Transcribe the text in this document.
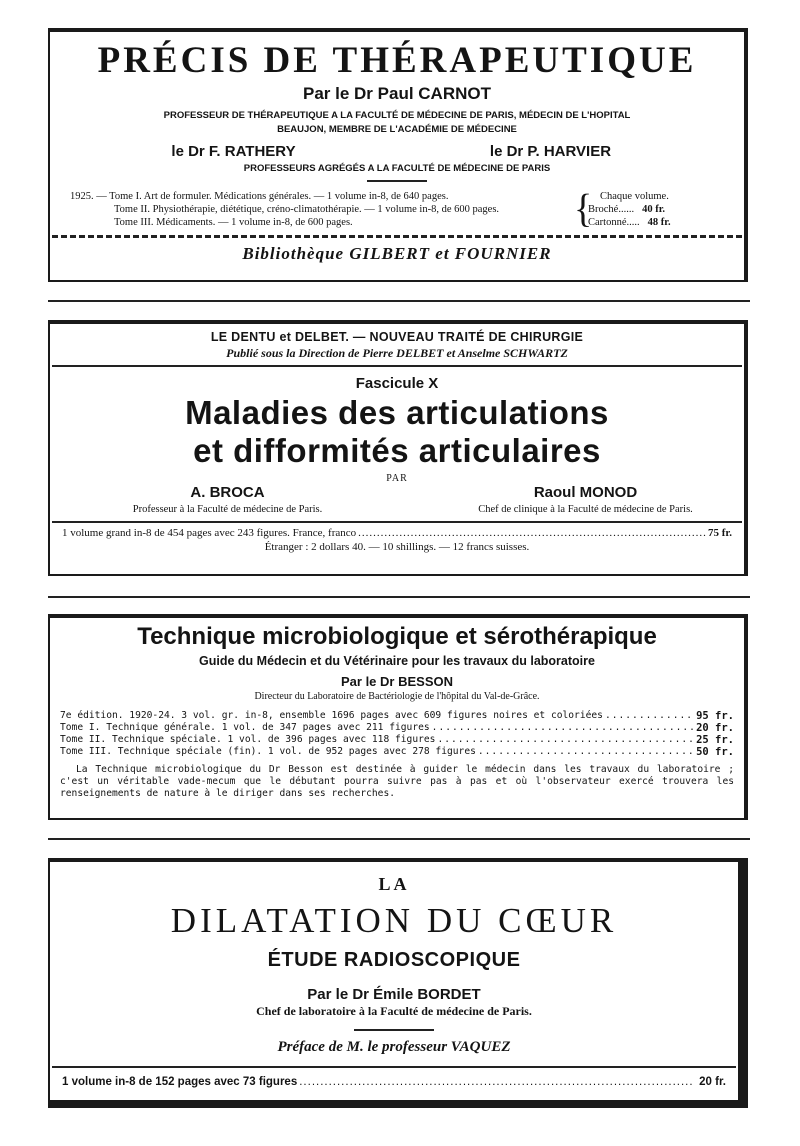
PRÉCIS DE THÉRAPEUTIQUE
Par le Dr Paul CARNOT
PROFESSEUR DE THÉRAPEUTIQUE A LA FACULTÉ DE MÉDECINE DE PARIS, MÉDECIN DE L'HOPITAL
BEAUJON, MEMBRE DE L'ACADÉMIE DE MÉDECINE
le Dr F. RATHERY	le Dr P. HARVIER
PROFESSEURS AGRÉGÉS A LA FACULTÉ DE MÉDECINE DE PARIS
1925. — Tome I. Art de formuler. Médications générales. — 1 volume in-8, de 640 pages.
Tome II. Physiothérapie, diététique, créno-climatothérapie. — 1 volume in-8, de 600 pages.
Tome III. Médicaments. — 1 volume in-8, de 600 pages.	{ Chaque volume.
Broché...... 40 fr.
Cartonné..... 48 fr.
Bibliothèque GILBERT et FOURNIER
LE DENTU et DELBET. — NOUVEAU TRAITÉ DE CHIRURGIE
Publié sous la Direction de Pierre DELBET et Anselme SCHWARTZ
Fascicule X
Maladies des articulations
et difformités articulaires
PAR
A. BROCA
Professeur à la Faculté de médecine de Paris.
Raoul MONOD
Chef de clinique à la Faculté de médecine de Paris.
1 volume grand in-8 de 454 pages avec 243 figures. France, franco .....	75 fr.
Étranger : 2 dollars 40. — 10 shillings. — 12 francs suisses.
Technique microbiologique et sérothérapique
Guide du Médecin et du Vétérinaire pour les travaux du laboratoire
Par le Dr BESSON
Directeur du Laboratoire de Bactériologie de l'hôpital du Val-de-Grâce.
7e édition. 1920-24. 3 vol. gr. in-8, ensemble 1696 pages avec 609 figures noires et coloriées .....	95 fr.
Tome I. Technique générale. 1 vol. de 347 pages avec 211 figures .....	20 fr.
Tome II. Technique spéciale. 1 vol. de 396 pages avec 118 figures .....	25 fr.
Tome III. Technique spéciale (fin). 1 vol. de 952 pages avec 278 figures .....	50 fr.
La Technique microbiologique du Dr Besson est destinée à guider le médecin dans les travaux du laboratoire ; c'est un véritable vade-mecum que le débutant pourra suivre pas à pas et où l'observateur exercé trouvera les renseignements de nature à le diriger dans ses recherches.
LA
DILATATION DU CŒUR
ÉTUDE RADIOSCOPIQUE
Par le Dr Émile BORDET
Chef de laboratoire à la Faculté de médecine de Paris.
Préface de M. le professeur VAQUEZ
1 volume in-8 de 152 pages avec 73 figures .....	20 fr.
